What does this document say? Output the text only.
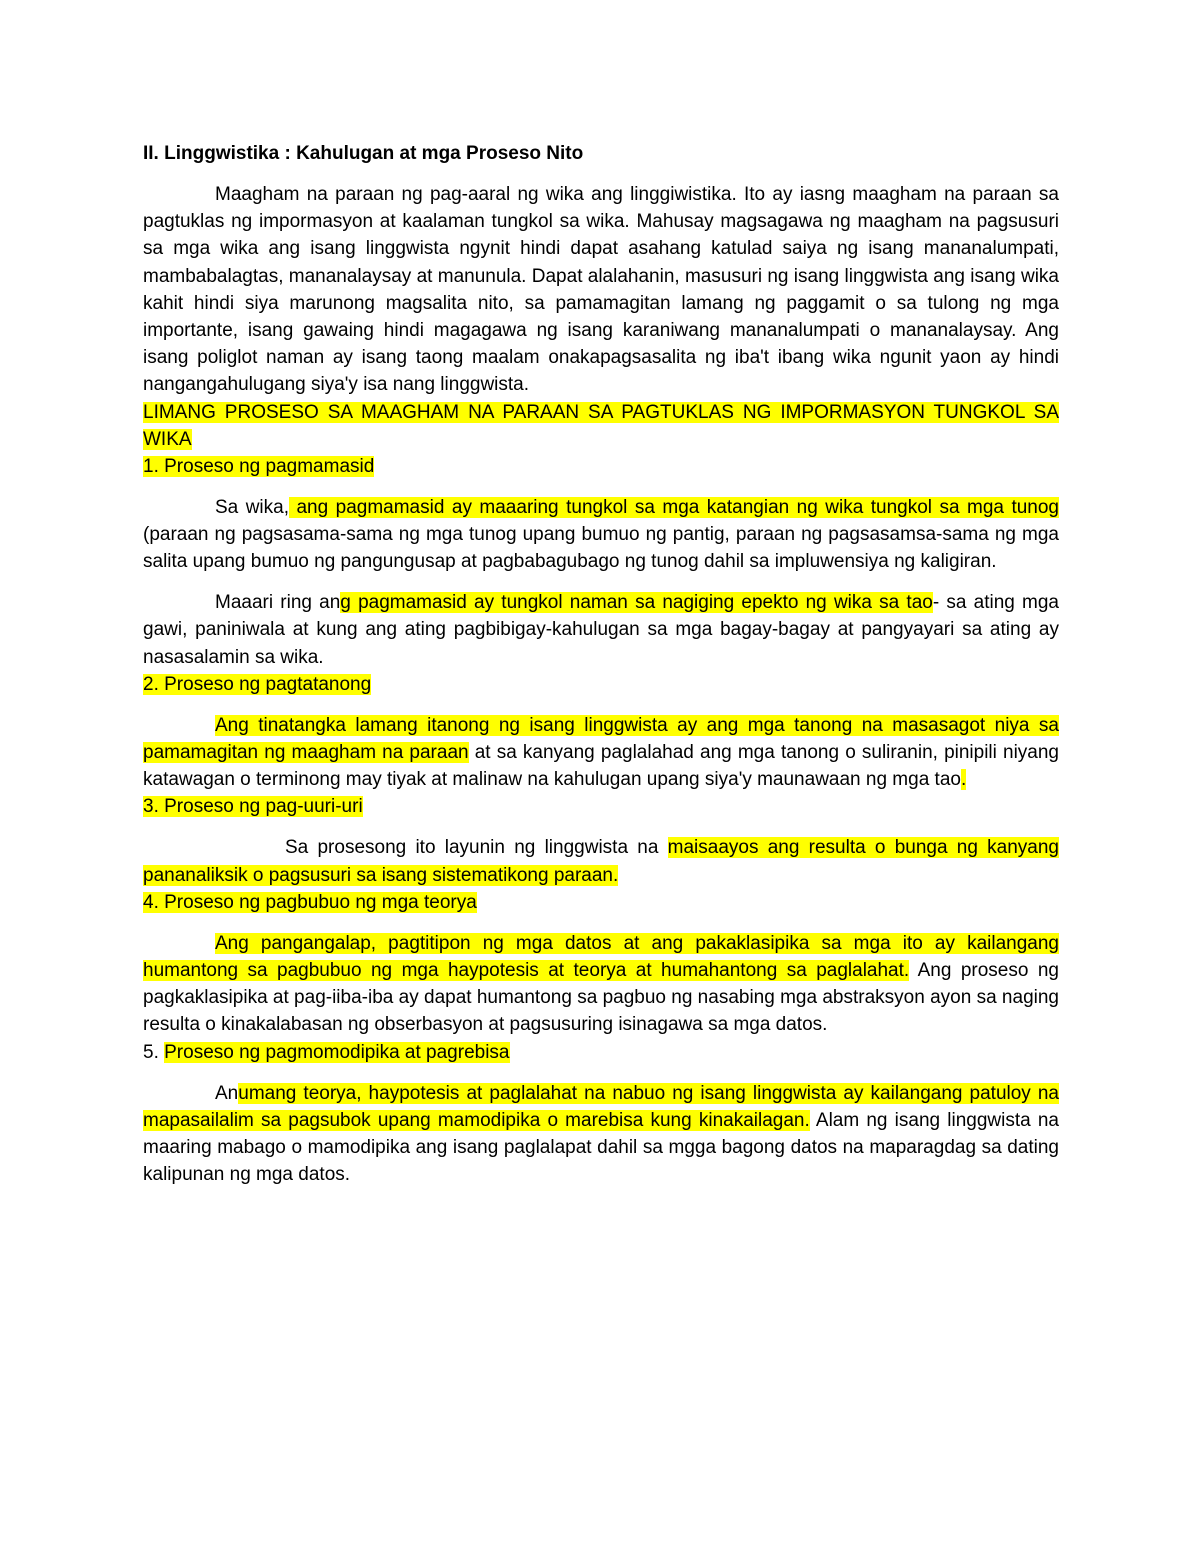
II. Linggwistika : Kahulugan at mga Proseso Nito

Maagham na paraan ng pag-aaral ng wika ang linggiwistika. Ito ay iasng maagham na paraan sa pagtuklas ng impormasyon at kaalaman tungkol sa wika. Mahusay magsagawa ng maagham na pagsusuri sa mga wika ang isang linggwista ngynit hindi dapat asahang katulad saiya ng isang mananalumpati, mambabalagtas, mananalaysay at manunula. Dapat alalahanin, masusuri ng isang linggwista ang isang wika kahit hindi siya marunong magsalita nito, sa pamamagitan lamang ng paggamit o sa tulong ng mga importante, isang gawaing hindi magagawa ng isang karaniwang mananalumpati o mananalaysay. Ang isang poliglot naman ay isang taong maalam onakapagsasalita ng iba't ibang wika ngunit yaon ay hindi nangangahulugang siya'y isa nang linggwista.

LIMANG PROSESO SA MAAGHAM NA PARAAN SA PAGTUKLAS NG IMPORMASYON TUNGKOL SA WIKA

1. Proseso ng pagmamasid

Sa wika, ang pagmamasid ay maaaring tungkol sa mga katangian ng wika tungkol sa mga tunog (paraan ng pagsasama-sama ng mga tunog upang bumuo ng pantig, paraan ng pagsasamsa-sama ng mga salita upang bumuo ng pangungusap at pagbabagubago ng tunog dahil sa impluwensiya ng kaligiran.

Maaari ring ang pagmamasid ay tungkol naman sa nagiging epekto ng wika sa tao- sa ating mga gawi, paniniwala at kung ang ating pagbibigay-kahulugan sa mga bagay-bagay at pangyayari sa ating ay nasasalamin sa wika.

2. Proseso ng pagtatanong

Ang tinatangka lamang itanong ng isang linggwista ay ang mga tanong na masasagot niya sa pamamagitan ng maagham na paraan at sa kanyang paglalahad ang mga tanong o suliranin, pinipili niyang katawagan o terminong may tiyak at malinaw na kahulugan upang siya'y maunawaan ng mga tao.

3. Proseso ng pag-uuri-uri

Sa prosesong ito layunin ng linggwista na maisaayos ang resulta o bunga ng kanyang pananaliksik o pagsusuri sa isang sistematikong paraan.

4. Proseso ng pagbubuo ng mga teorya

Ang pangangalap, pagtitipon ng mga datos at ang pakaklasipika sa mga ito ay kailangang humantong sa pagbubuo ng mga haypotesis at teorya at humahantong sa paglalahat. Ang proseso ng pagkaklasipika at pag-iiba-iba ay dapat humantong sa pagbuo ng nasabing mga abstraksyon ayon sa naging resulta o kinakalabasan ng obserbasyon at pagsusuring isinagawa sa mga datos.

5. Proseso ng pagmomodipika at pagrebisa

Anumang teorya, haypotesis at paglalahat na nabuo ng isang linggwista ay kailangang patuloy na mapasailalim sa pagsubok upang mamodipika o marebisa kung kinakailagan. Alam ng isang linggwista na maaring mabago o mamodipika ang isang paglalapat dahil sa mgga bagong datos na maparagdag sa dating kalipunan ng mga datos.
